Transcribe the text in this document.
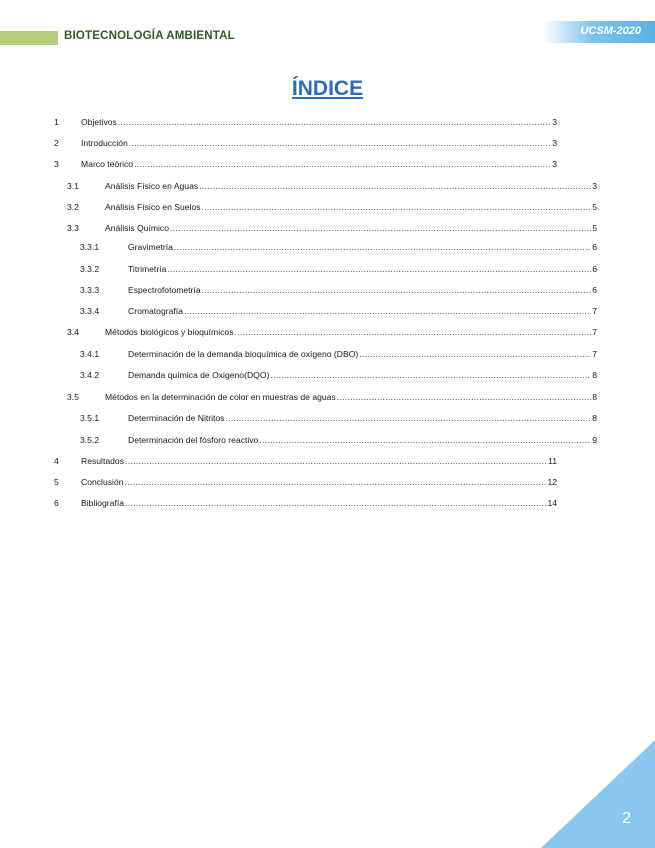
BIOTECNOLOGÍA AMBIENTAL	UCSM-2020
ÍNDICE
1	Objetivos .....	3
2	Introducción .....	3
3	Marco teórico .....	3
3.1	Análisis Físico en Aguas .....	3
3.2	Análisis Físico en Suelos .....	5
3.3	Análisis Químico .....	5
3.3.1	Gravimetría .....	6
3.3.2	Titrimetría .....	6
3.3.3	Espectrofotometría .....	6
3.3.4	Cromatografía .....	7
3.4	Métodos biológicos y bioquímicos .....	7
3.4.1	Determinación de la demanda bioquímica de oxígeno (DBO) .....	7
3.4.2	Demanda química de Oxigeno(DQO) .....	8
3.5	Métodos en la determinación de color en muestras de aguas .....	8
3.5.1	Determinación de Nitritos .....	8
3.5.2	Determinación del fósforo reactivo .....	9
4	Resultados .....	11
5	Conclusión .....	12
6	Bibliografía .....	14
2
